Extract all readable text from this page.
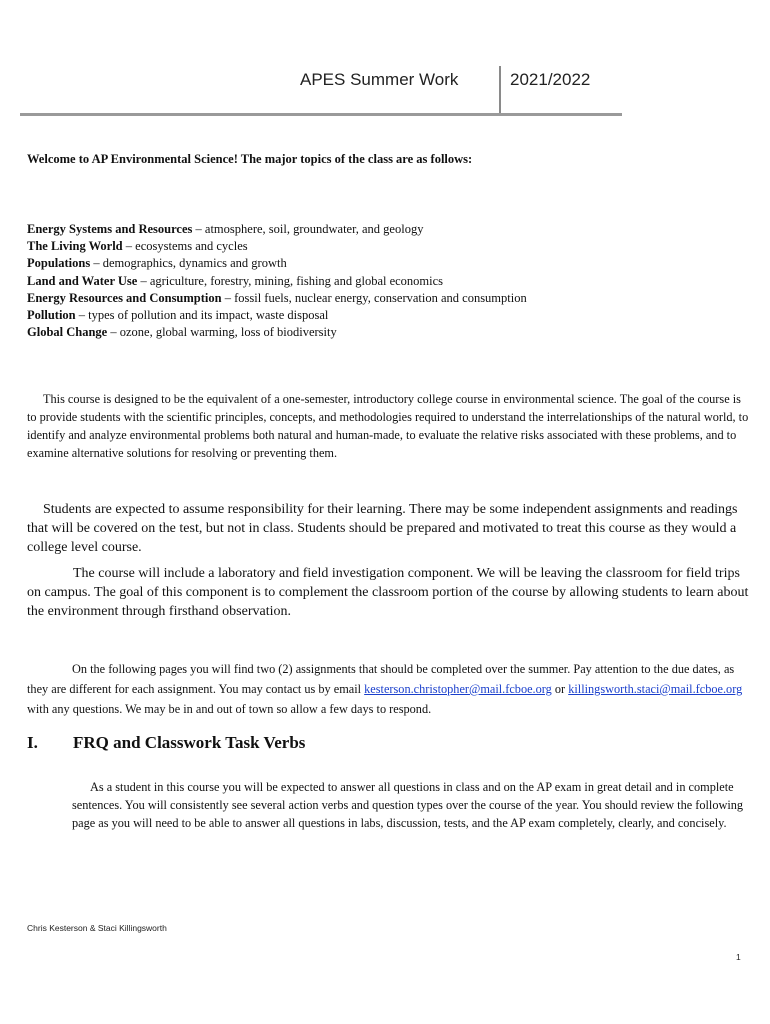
APES Summer Work	2021/2022
Welcome to AP Environmental Science! The major topics of the class are as follows:
Energy Systems and Resources – atmosphere, soil, groundwater, and geology
The Living World – ecosystems and cycles
Populations – demographics, dynamics and growth
Land and Water Use – agriculture, forestry, mining, fishing and global economics
Energy Resources and Consumption – fossil fuels, nuclear energy, conservation and consumption
Pollution – types of pollution and its impact, waste disposal
Global Change – ozone, global warming, loss of biodiversity
This course is designed to be the equivalent of a one-semester, introductory college course in environmental science. The goal of the course is to provide students with the scientific principles, concepts, and methodologies required to understand the interrelationships of the natural world, to identify and analyze environmental problems both natural and human-made, to evaluate the relative risks associated with these problems, and to examine alternative solutions for resolving or preventing them.
Students are expected to assume responsibility for their learning. There may be some independent assignments and readings that will be covered on the test, but not in class. Students should be prepared and motivated to treat this course as they would a college level course.
The course will include a laboratory and field investigation component. We will be leaving the classroom for field trips on campus. The goal of this component is to complement the classroom portion of the course by allowing students to learn about the environment through firsthand observation.
On the following pages you will find two (2) assignments that should be completed over the summer. Pay attention to the due dates, as they are different for each assignment. You may contact us by email kesterson.christopher@mail.fcboe.org or killingsworth.staci@mail.fcboe.org with any questions. We may be in and out of town so allow a few days to respond.
I. FRQ and Classwork Task Verbs
As a student in this course you will be expected to answer all questions in class and on the AP exam in great detail and in complete sentences. You will consistently see several action verbs and question types over the course of the year. You should review the following page as you will need to be able to answer all questions in labs, discussion, tests, and the AP exam completely, clearly, and concisely.
Chris Kesterson & Staci Killingsworth
1
